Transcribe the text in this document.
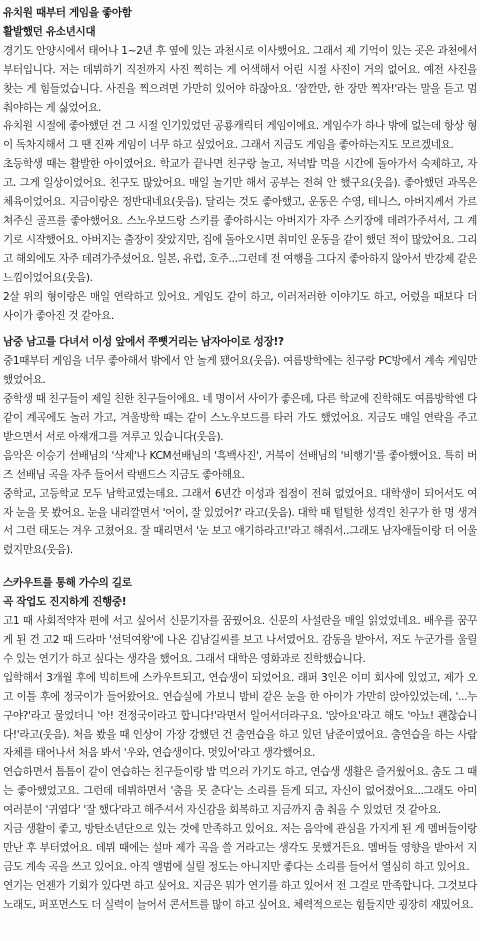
유치원 때부터 게임을 좋아함
활발했던 유소년시대
경기도 안양시에서 태어나 1~2년 후 옆에 있는 과천시로 이사했어요. 그래서 제 기억이 있는 곳은 과천에서부터입니다. 저는 데뷔하기 직전까지 사진 찍히는 게 어색해서 어린 시절 사진이 거의 없어요. 예전 사진을 찾는 게 힘들었습니다. 사진을 찍으려면 가만히 있어야 하잖아요. '잠깐만, 한 장만 찍자!'라는 말을 듣고 멈춰야하는 게 싫었어요.
유치원 시절에 좋아했던 건 그 시절 인기있었던 공룡캐릭터 게임이에요. 게임수가 하나 밖에 없는데 항상 형이 독차지해서 그 땐 진짜 게임이 너무 하고 싶었어요. 그래서 지금도 게임을 좋아하는지도 모르겠네요.
초등학생 때는 활발한 아이였어요. 학교가 끝나면 친구랑 놀고, 저녁밥 먹을 시간에 돌아가서 숙제하고, 자고. 그게 일상이었어요. 친구도 많았어요. 매일 놀기만 해서 공부는 전혀 안 했구요(웃음). 좋아했던 과목은 체육이었어요. 지금이랑은 정반대네요(웃음). 달리는 것도 좋아했고, 운동은 수영, 테니스, 아버지께서 가르쳐주신 골프를 좋아했어요. 스노우보드랑 스키를 좋아하시는 아버지가 자주 스키장에 데려가주셔서, 그 계기로 시작했어요. 아버지는 출장이 잦았지만, 집에 돌아오시면 취미인 운동을 같이 했던 적이 많았어요. 그리고 해외에도 자주 데려가주셨어요. 일본, 유럽, 호주...그런데 전 여행을 그다지 좋아하지 않아서 반강제 같은 느낌이었어요(웃음).
2살 위의 형이랑은 매일 연락하고 있어요. 게임도 같이 하고, 이러저러한 이야기도 하고, 어렸을 때보다 더 사이가 좋아진 것 같아요.
남중 남고를 다녀서 이성 앞에서 쭈뼛거리는 남자아이로 성장!?
중1때부터 게임을 너무 좋아해서 밖에서 안 놀게 됐어요(웃음). 여름방학에는 친구랑 PC방에서 계속 게임만 했었어요.
중학생 때 친구들이 제일 친한 친구들이에요. 네 명이서 사이가 좋은데, 다른 학교에 진학해도 여름방학엔 다 같이 계곡에도 놀러 가고, 겨울방학 때는 같이 스노우보드를 타러 가도 했었어요. 지금도 매일 연락을 주고 받으면서 서로 아재개그를 겨루고 있습니다(웃음).
음악은 이승기 선배님의 '삭제'나 KCM선배님의 '흑백사진', 거북이 선배님의 '비행기'를 좋아했어요. 특히 버즈 선배님 곡을 자주 들어서 락밴드스 지금도 좋아해요.
중학교, 고등학교 모두 남학교였는데요. 그래서 6년간 이성과 접점이 전혀 없었어요. 대학생이 되어서도 여자 눈을 못 봤어요. 눈을 내리깔면서 '어이, 잘 있었어?' 라고(웃음). 대학 때 털털한 성격인 친구가 한 명 생겨서 그런 태도는 겨우 고쳤어요. 잘 때리면서 '눈 보고 얘기하라고!'라고 해줘서..그래도 남자애들이랑 더 어울렸지만요(웃음).
스카우트를 통해 가수의 길로
곡 작업도 진지하게 진행중!
고1 때 사회적약자 편에 서고 싶어서 신문기자를 꿈꿨어요. 신문의 사설란을 매일 읽었었네요. 배우를 꿈꾸게 된 건 고2 때 드라마 '선덕여왕'에 나온 김남길씨를 보고 나서였어요. 감동을 받아서, 저도 누군가를 울릴 수 있는 연기가 하고 싶다는 생각을 했어요. 그래서 대학은 영화과로 진학했습니다.
입학해서 3개월 후에 빅히트에 스카우트되고, 연습생이 되었어요. 래퍼 3인은 이미 회사에 있었고, 제가 오고 이틀 후에 정국이가 들어왔어요. 연습실에 가보니 밤비 같은 눈을 한 아이가 가만히 앉아있었는데, '...누구야?'라고 물었더니 '아! 전정국이라고 합니다!'라면서 일어서더라구요. '앉아요'라고 해도 '아뇨! 괜찮습니다!'라고(웃음). 처음 봤을 때 인상이 가장 강했던 건 춤연습을 하고 있던 남준이였어요. 춤연습을 하는 사람 자체를 태어나서 처음 봐서 '우와, 연습생이다. 멋있어'라고 생각했어요.
연습하면서 틈틈이 같이 연습하는 친구들이랑 밥 먹으러 가기도 하고, 연습생 생활은 즐거웠어요. 춤도 그 때는 좋아했었고요. 그런데 데뷔하면서 '춤을 못 춘다'는 소리를 듣게 되고, 자신이 없어졌어요...그래도 아미 여러분이 '귀엽다' '잘 했다'라고 해주셔서 자신감을 회복하고 지금까지 춤 춰올 수 있었던 것 같아요.
지금 생활이 좋고, 방탄소년단으로 있는 것에 만족하고 있어요. 저는 음악에 관심을 가지게 된 게 멤버들이랑 만난 후 부터였어요. 데뷔 때에는 설마 제가 곡을 쓸 거라고는 생각도 못했거든요. 멤버들 영향을 받아서 지금도 계속 곡을 쓰고 있어요. 아직 앨범에 실릴 정도는 아니지만 좋다는 소리를 들어서 열심히 하고 있어요.
연기는 언젠가 기회가 있다면 하고 싶어요. 지금은 뭐가 연기를 하고 있어서 전 그걸로 만족합니다. 그것보다 노래도, 퍼포먼스도 더 실력이 늘어서 콘서트를 많이 하고 싶어요. 체력적으로는 힘들지만 굉장히 재밌어요.
